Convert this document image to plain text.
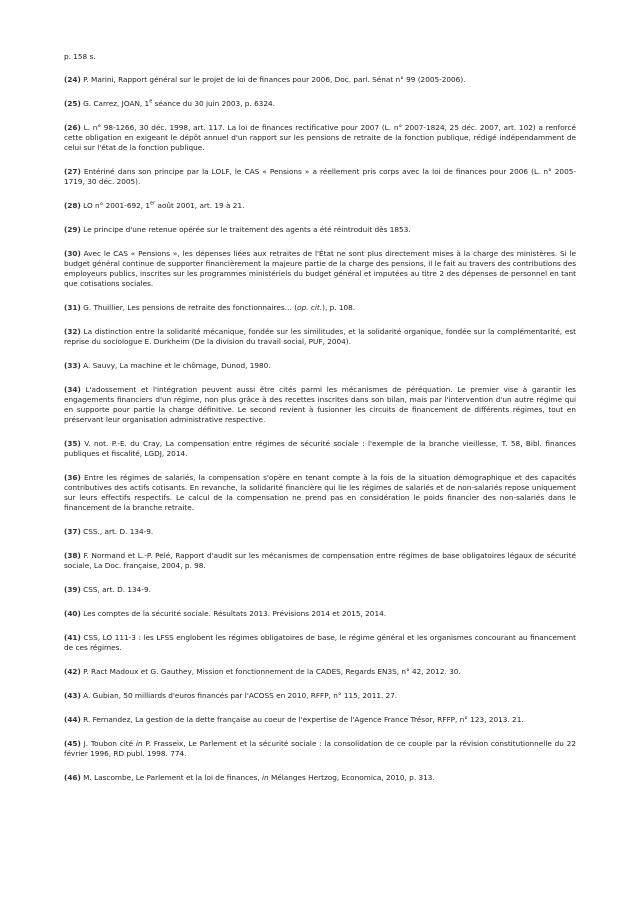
p. 158 s.
(24) P. Marini, Rapport général sur le projet de loi de finances pour 2006, Doc. parl. Sénat n° 99 (2005-2006).
(25) G. Carrez, JOAN, 1e séance du 30 juin 2003, p. 6324.
(26) L. n° 98-1266, 30 déc. 1998, art. 117. La loi de finances rectificative pour 2007 (L. n° 2007-1824, 25 déc. 2007, art. 102) a renforcé cette obligation en exigeant le dépôt annuel d'un rapport sur les pensions de retraite de la fonction publique, rédigé indépendamment de celui sur l'état de la fonction publique.
(27) Entériné dans son principe par la LOLF, le CAS « Pensions » a réellement pris corps avec la loi de finances pour 2006 (L. n° 2005-1719, 30 déc. 2005).
(28) LO n° 2001-692, 1er août 2001, art. 19 à 21.
(29) Le principe d'une retenue opérée sur le traitement des agents a été réintroduit dès 1853.
(30) Avec le CAS « Pensions », les dépenses liées aux retraites de l'État ne sont plus directement mises à la charge des ministères. Si le budget général continue de supporter financièrement la majeure partie de la charge des pensions, il le fait au travers des contributions des employeurs publics, inscrites sur les programmes ministériels du budget général et imputées au titre 2 des dépenses de personnel en tant que cotisations sociales.
(31) G. Thuillier, Les pensions de retraite des fonctionnaires… (op. cit.), p. 108.
(32) La distinction entre la solidarité mécanique, fondée sur les similitudes, et la solidarité organique, fondée sur la complémentarité, est reprise du sociologue E. Durkheim (De la division du travail social, PUF, 2004).
(33) A. Sauvy, La machine et le chômage, Dunod, 1980.
(34) L'adossement et l'intégration peuvent aussi être cités parmi les mécanismes de péréquation. Le premier vise à garantir les engagements financiers d'un régime, non plus grâce à des recettes inscrites dans son bilan, mais par l'intervention d'un autre régime qui en supporte pour partie la charge définitive. Le second revient à fusionner les circuits de financement de différents régimes, tout en préservant leur organisation administrative respective.
(35) V. not. P.-E. du Cray, La compensation entre régimes de sécurité sociale : l'exemple de la branche vieillesse, T. 58, Bibl. finances publiques et fiscalité, LGDJ, 2014.
(36) Entre les régimes de salariés, la compensation s'opère en tenant compte à la fois de la situation démographique et des capacités contributives des actifs cotisants. En revanche, la solidarité financière qui lie les régimes de salariés et de non-salariés repose uniquement sur leurs effectifs respectifs. Le calcul de la compensation ne prend pas en considération le poids financier des non-salariés dans le financement de la branche retraite.
(37) CSS., art. D. 134-9.
(38) F. Normand et L.-P. Pelé, Rapport d'audit sur les mécanismes de compensation entre régimes de base obligatoires légaux de sécurité sociale, La Doc. française, 2004, p. 98.
(39) CSS, art. D. 134-9.
(40) Les comptes de la sécurité sociale. Résultats 2013. Prévisions 2014 et 2015, 2014.
(41) CSS, LO 111-3 : les LFSS englobent les régimes obligatoires de base, le régime général et les organismes concourant au financement de ces régimes.
(42) P. Ract Madoux et G. Gauthey, Mission et fonctionnement de la CADES, Regards EN3S, n° 42, 2012. 30.
(43) A. Gubian, 50 milliards d'euros financés par l'ACOSS en 2010, RFFP, n° 115, 2011. 27.
(44) R. Fernandez, La gestion de la dette française au coeur de l'expertise de l'Agence France Trésor, RFFP, n° 123, 2013. 21.
(45) J. Toubon cité in P. Frasseix, Le Parlement et la sécurité sociale : la consolidation de ce couple par la révision constitutionnelle du 22 février 1996, RD publ. 1998. 774.
(46) M. Lascombe, Le Parlement et la loi de finances, in Mélanges Hertzog, Economica, 2010, p. 313.
